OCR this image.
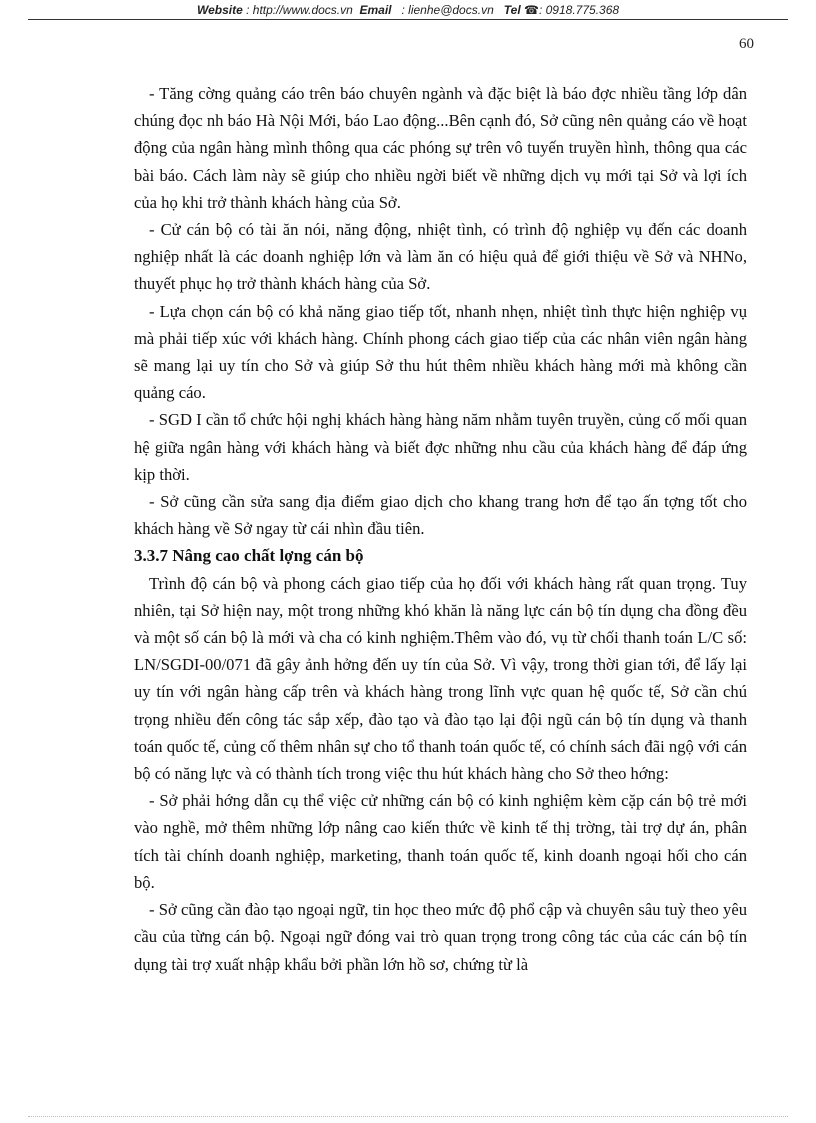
Website : http://www.docs.vn Email   : lienhe@docs.vn Tel ☎: 0918.775.368
60

- Tăng cờng quảng cáo trên báo chuyên ngành và đặc biệt là báo đợc nhiều tầng lớp dân chúng đọc nh báo Hà Nội Mới, báo Lao động...Bên cạnh đó, Sở cũng nên quảng cáo về hoạt động của ngân hàng mình thông qua các phóng sự trên vô tuyến truyền hình, thông qua các bài báo. Cách làm này sẽ giúp cho nhiều ngời biết về những dịch vụ mới tại Sở và lợi ích của họ khi trở thành khách hàng của Sở.

- Cử cán bộ có tài ăn nói, năng động, nhiệt tình, có trình độ nghiệp vụ đến các doanh nghiệp nhất là các doanh nghiệp lớn và làm ăn có hiệu quả để giới thiệu về Sở và NHNo, thuyết phục họ trở thành khách hàng của Sở.

- Lựa chọn cán bộ có khả năng giao tiếp tốt, nhanh nhẹn, nhiệt tình thực hiện nghiệp vụ mà phải tiếp xúc với khách hàng. Chính phong cách giao tiếp của các nhân viên ngân hàng sẽ mang lại uy tín cho Sở và giúp Sở thu hút thêm nhiều khách hàng mới mà không cần quảng cáo.

- SGD I cần tổ chức hội nghị khách hàng hàng năm nhằm tuyên truyền, củng cố mối quan hệ giữa ngân hàng với khách hàng và biết đợc những nhu cầu của khách hàng để đáp ứng kịp thời.

- Sở cũng cần sửa sang địa điểm giao dịch cho khang trang hơn để tạo ấn tợng tốt cho khách hàng về Sở ngay từ cái nhìn đầu tiên.

3.3.7 Nâng cao chất lợng cán bộ

Trình độ cán bộ và phong cách giao tiếp của họ đối với khách hàng rất quan trọng. Tuy nhiên, tại Sở hiện nay, một trong những khó khăn là năng lực cán bộ tín dụng cha đồng đều và một số cán bộ là mới và cha có kinh nghiệm.Thêm vào đó, vụ từ chối thanh toán L/C số: LN/SGDI-00/071 đã gây ảnh hởng đến uy tín của Sở. Vì vậy, trong thời gian tới, để lấy lại uy tín với ngân hàng cấp trên và khách hàng trong lĩnh vực quan hệ quốc tế, Sở cần chú trọng nhiều đến công tác sắp xếp, đào tạo và đào tạo lại đội ngũ cán bộ tín dụng và thanh toán quốc tế, củng cố thêm nhân sự cho tổ thanh toán quốc tế, có chính sách đãi ngộ với cán bộ có năng lực và có thành tích trong việc thu hút khách hàng cho Sở theo hớng:

- Sở phải hớng dẫn cụ thể việc cử những cán bộ có kinh nghiệm kèm cặp cán bộ trẻ mới vào nghề, mở thêm những lớp nâng cao kiến thức về kinh tế thị trờng, tài trợ dự án, phân tích tài chính doanh nghiệp, marketing, thanh toán quốc tế, kinh doanh ngoại hối cho cán bộ.

- Sở cũng cần đào tạo ngoại ngữ, tin học theo mức độ phổ cập và chuyên sâu tuỳ theo yêu cầu của từng cán bộ. Ngoại ngữ đóng vai trò quan trọng trong công tác của các cán bộ tín dụng tài trợ xuất nhập khẩu bởi phần lớn hồ sơ, chứng từ là
